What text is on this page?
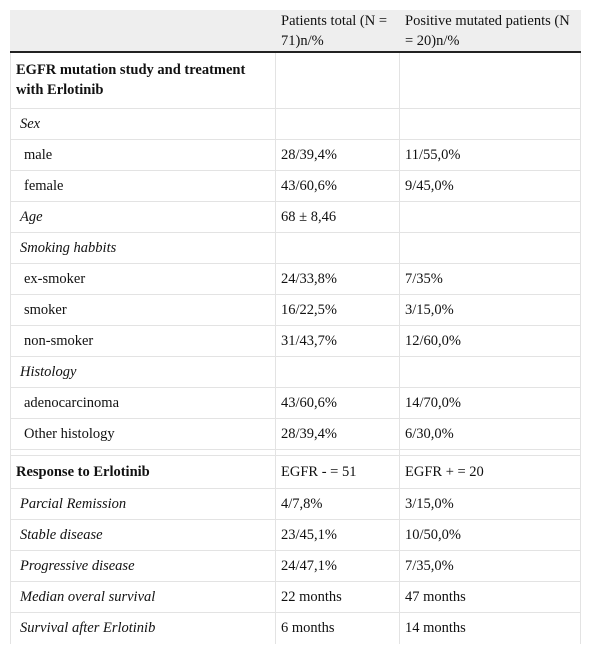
	Patients total (N = 71)n/%	Positive mutated patients (N = 20)n/%
EGFR mutation study and treatment with Erlotinib		
Sex		
male	28/39,4%	11/55,0%
female	43/60,6%	9/45,0%
Age	68 ± 8,46	
Smoking habbits		
ex-smoker	24/33,8%	7/35%
smoker	16/22,5%	3/15,0%
non-smoker	31/43,7%	12/60,0%
Histology		
adenocarcinoma	43/60,6%	14/70,0%
Other histology	28/39,4%	6/30,0%

Response to Erlotinib	EGFR - = 51	EGFR + = 20
Parcial Remission	4/7,8%	3/15,0%
Stable disease	23/45,1%	10/50,0%
Progressive disease	24/47,1%	7/35,0%
Median overal survival	22 months	47 months
Survival after Erlotinib	6 months	14 months
